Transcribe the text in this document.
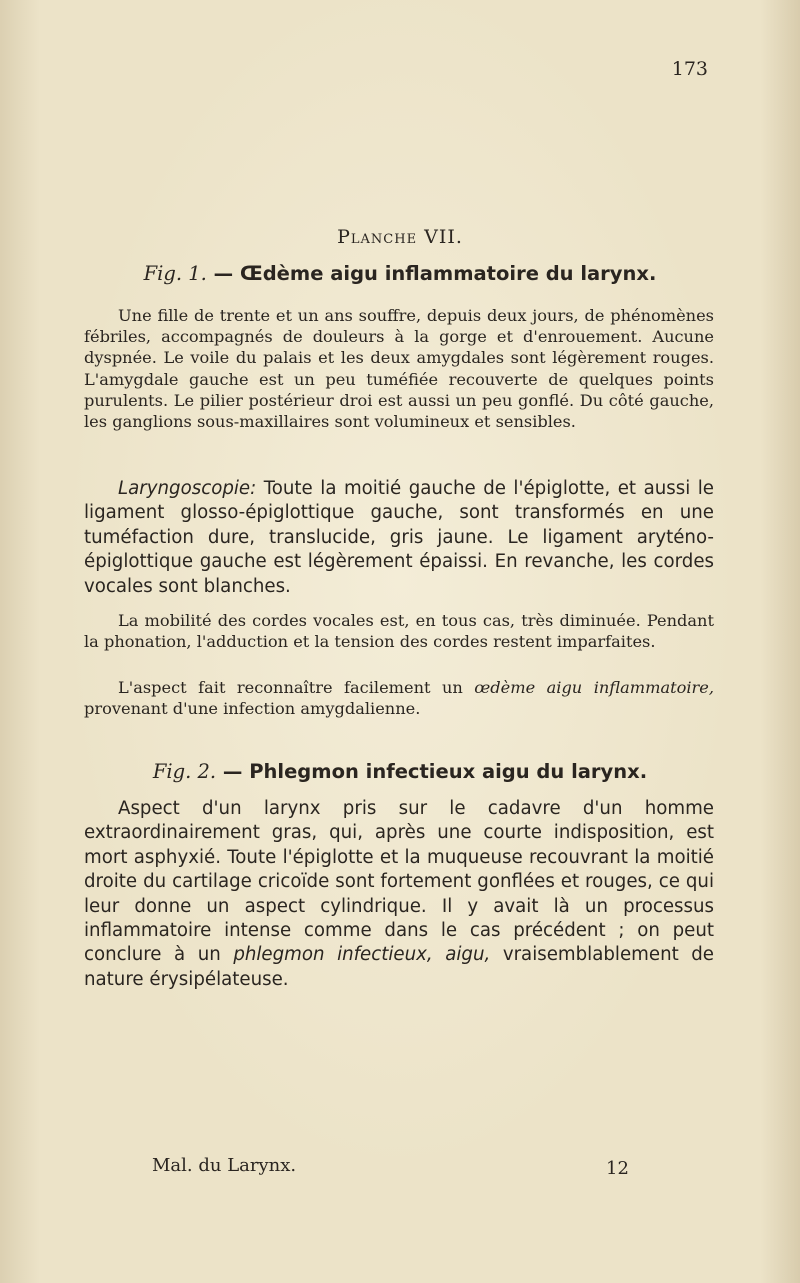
173
Planche VII.
Fig. 1. — Œdème aigu inflammatoire du larynx.

Une fille de trente et un ans souffre, depuis deux jours, de phénomènes fébriles, accompagnés de douleurs à la gorge et d'enrouement. Aucune dyspnée. Le voile du palais et les deux amygdales sont légèrement rouges. L'amygdale gauche est un peu tuméfiée recouverte de quelques points purulents. Le pilier postérieur droi est aussi un peu gonflé. Du côté gauche, les ganglions sous-maxillaires sont volumineux et sensibles.

Laryngoscopie: Toute la moitié gauche de l'épiglotte, et aussi le ligament glosso-épiglottique gauche, sont transformés en une tuméfaction dure, translucide, gris jaune. Le ligament aryténo-épiglottique gauche est légèrement épaissi. En revanche, les cordes vocales sont blanches.

La mobilité des cordes vocales est, en tous cas, très diminuée. Pendant la phonation, l'adduction et la tension des cordes restent imparfaites.

L'aspect fait reconnaître facilement un œdème aigu inflammatoire, provenant d'une infection amygdalienne.

Fig. 2. — Phlegmon infectieux aigu du larynx.

Aspect d'un larynx pris sur le cadavre d'un homme extraordinairement gras, qui, après une courte indisposition, est mort asphyxié. Toute l'épiglotte et la muqueuse recouvrant la moitié droite du cartilage cricoïde sont fortement gonflées et rouges, ce qui leur donne un aspect cylindrique. Il y avait là un processus inflammatoire intense comme dans le cas précédent ; on peut conclure à un phlegmon infectieux, aigu, vraisemblablement de nature érysipélateuse.

Mal. du Larynx.	12
